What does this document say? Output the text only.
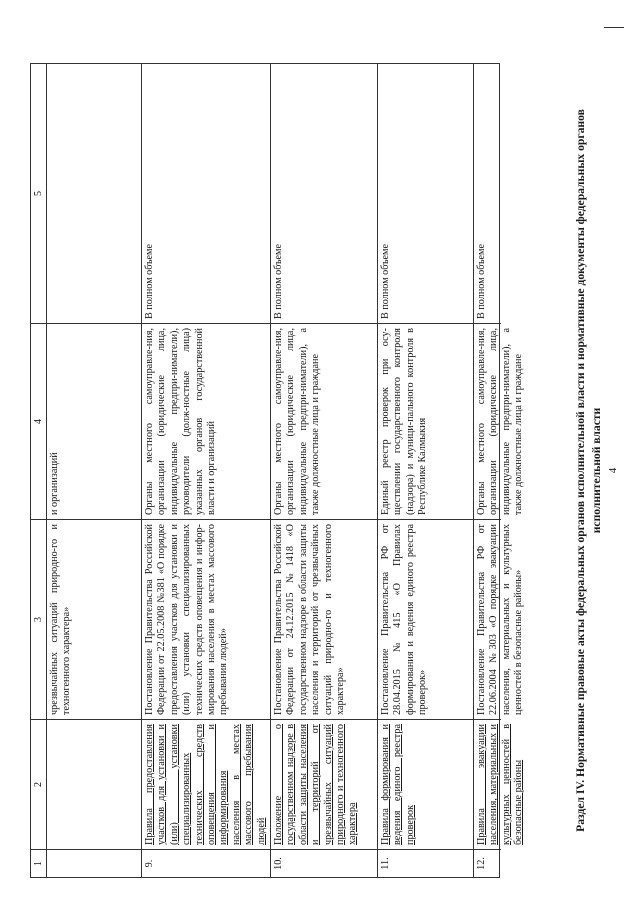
1
2
3
4
5
чрезвычайных ситуаций природно-го и техногенного характера»
и организаций
9.
Правила предоставления участков для установки и (или) установки специализированных технических средств оповещения и информирования населения в местах массового пребывания людей
Постановление Правительства Российской Федерации от 22.05.2008 №381 «О порядке предоставления участков для установки и (или) установки специализированных технических средств оповещения и инфор-мирования населения в местах массового пребывания людей»
Органы местного самоуправле-ния, организации (юридические лица, индивидуальные предпри-ниматели), руководители (долж-ностные лица) указанных органов государственной власти и организаций
В полном объеме
10.
Положение о государственном надзоре в области защиты населения и территорий от чрезвычайных ситуаций природного и техногенного характера
Постановление Правительства Российской Федерации от 24.12.2015 №1418 «О государственном надзоре в области защиты населения и территорий от чрезвычайных ситуаций природно-го и техногенного характера»
Органы местного самоуправле-ния, организации (юридические лица, индивидуальные предпри-ниматели), а также должностные лица и граждане
В полном объеме
11.
Правила формирования и ведения единого реестра проверок
Постановление Правительства РФ от 28.04.2015 №415 «О Правилах формирования и ведения единого реестра проверок»
Единый реестр проверок при осу-ществлении государственного контроля (надзора) и муници-пального контроля в Республике Калмыкия
В полном объеме
12.
Правила эвакуации населения, материальных и культурных ценностей в безопасные районы
Постановление Правительства РФ от 22.06.2004 №303 «О порядке эвакуации населения, материальных и культурных ценностей в безопасные районы»
Органы местного самоуправле-ния, организации (юридические лица, индивидуальные предпри-ниматели), а также должностные лица и граждане
В полном объеме	Раздел IV. Нормативные правовые акты федеральных органов исполнительной власти и нормативные документы федеральных органов исполнительной власти 4
